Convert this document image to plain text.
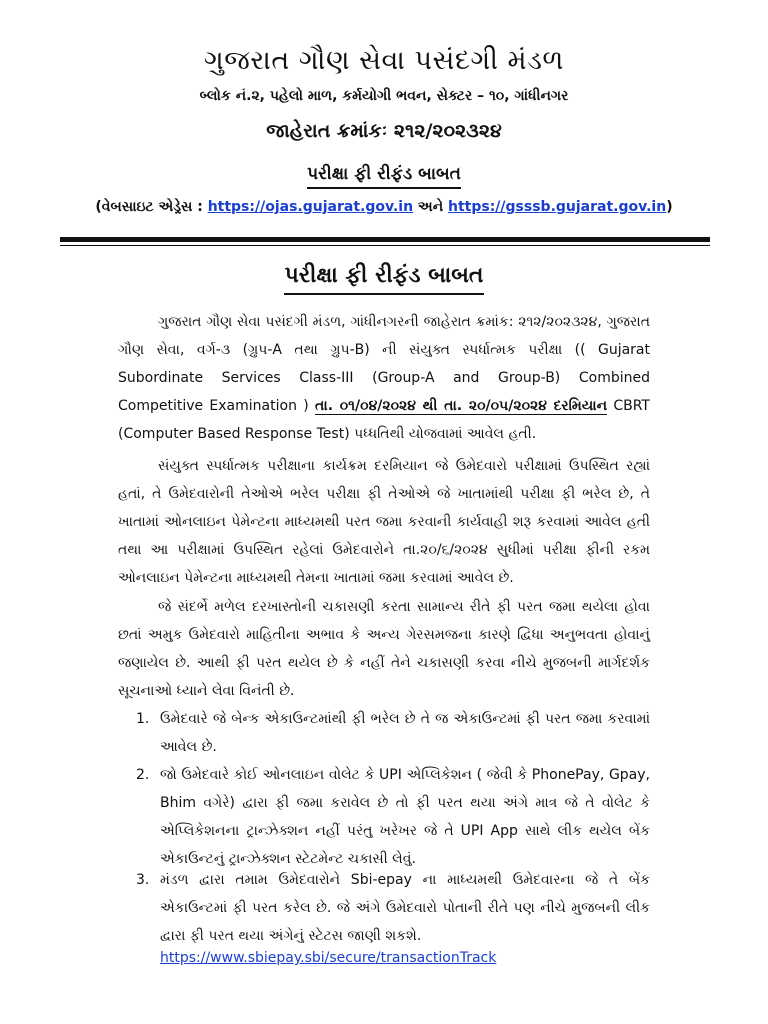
ગુજરાત ગૌણ સેવા પસંદગી મંડળ
બ્લોક નં.૨, પહેલો માળ, કર્મયોગી ભવન, સેક્ટર – ૧૦, ગાંધીનગર
જાહેરાત ક્રમાંકઃ ૨૧૨/૨૦૨૩૨૪
પરીક્ષા ફી રીફંડ બાબત
(વેબસાઇટ એડ્રેસ : https://ojas.gujarat.gov.in અને https://gsssb.gujarat.gov.in)
પરીક્ષા ફી રીફંડ બાબત
ગુજરાત ગૌણ સેવા પસંદગી મંડળ, ગાંધીનગરની જાહેરાત ક્રમાંક: ૨૧૨/૨૦૨૩૨૪, ગુજરાત ગૌણ સેવા, વર્ગ-૩ (ગ્રુપ-A તથા ગ્રુપ-B) ની સંયુક્ત સ્પર્ધાત્મક પરીક્ષા (( Gujarat Subordinate Services Class-III (Group-A and Group-B) Combined Competitive Examination ) તા. ૦૧/૦૪/૨૦૨૪ થી તા. ૨૦/૦૫/૨૦૨૪ દરમિયાન CBRT (Computer Based Response Test) પધ્ધતિથી યોજવામાં આવેલ હતી.
સંયુક્ત સ્પર્ધાત્મક પરીક્ષાના કાર્યક્રમ દરમિયાન જે ઉમેદવારો પરીક્ષામાં ઉપસ્થિત રહ્યાં હતાં, તે ઉમેદવારોની તેઓએ ભરેલ પરીક્ષા ફી તેઓએ જે ખાતામાંથી પરીક્ષા ફી ભરેલ છે, તે ખાતામાં ઓનલાઇન પેમેન્ટના માધ્યમથી પરત જમા કરવાની કાર્યવાહી શરૂ કરવામાં આવેલ હતી તથા આ પરીક્ષામાં ઉપસ્થિત રહેલાં ઉમેદવારોને તા.૨૦/૬/૨૦૨૪ સુધીમાં પરીક્ષા ફીની રકમ ઓનલાઇન પેમેન્ટના માધ્યમથી તેમના ખાતામાં જમા કરવામાં આવેલ છે.
જે સંદર્ભે મળેલ દરખાસ્તોની ચકાસણી કરતા સામાન્ય રીતે ફી પરત જમા થયેલા હોવા છતાં અમુક ઉમેદવારો માહિતીના અભાવ કે અન્ય ગેરસમજના કારણે દ્વિધા અનુભવતા હોવાનું જણાયેલ છે. આથી ફી પરત થયેલ છે કે નહીં તેને ચકાસણી કરવા નીચે મુજબની માર્ગદર્શક સૂચનાઓ ધ્યાને લેવા વિનંતી છે.
1. ઉમેદવારે જે બેન્ક એકાઉન્ટમાંથી ફી ભરેલ છે તે જ એકાઉન્ટમાં ફી પરત જમા કરવામાં આવેલ છે.
2. જો ઉમેદવારે કોઈ ઓનલાઇન વોલેટ કે UPI એપ્લિકેશન ( જેવી કે PhonePay, Gpay, Bhim વગેરે) દ્વારા ફી જમા કરાવેલ છે તો ફી પરત થયા અંગે માત્ર જે તે વોલેટ કે એપ્લિકેશનના ટ્રાન્ઝેક્શન નહીં પરંતુ ખરેખર જે તે UPI App સાથે લીક થયેલ બેંક એકાઉન્ટનું ટ્રાન્ઝેક્શન સ્ટેટમેન્ટ ચકાસી લેવું.
3. મંડળ દ્વારા તમામ ઉમેદવારોને Sbi-epay ના માધ્યમથી ઉમેદવારના જે તે બેંક એકાઉન્ટમાં ફી પરત કરેલ છે. જે અંગે ઉમેદવારો પોતાની રીતે પણ નીચે મુજબની લીક દ્વારા ફી પરત થયા અંગેનું સ્ટેટસ જાણી શકશે.
https://www.sbiepay.sbi/secure/transactionTrack
